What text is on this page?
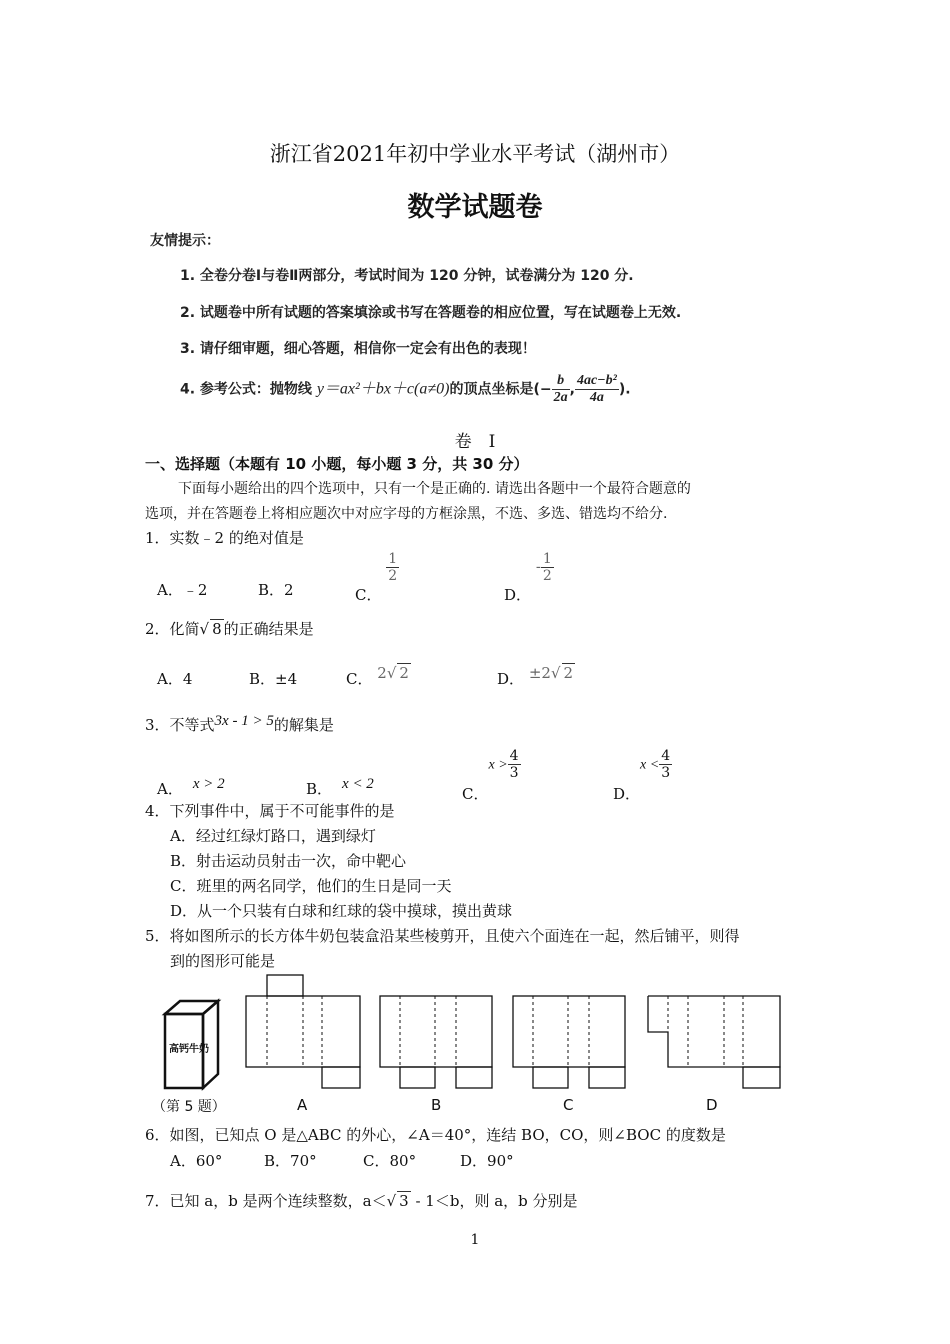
浙江省2021年初中学业水平考试（湖州市）
数学试题卷
友情提示：
1. 全卷分卷Ⅰ与卷Ⅱ两部分，考试时间为 120 分钟，试卷满分为 120 分.
2. 试题卷中所有试题的答案填涂或书写在答题卷的相应位置，写在试题卷上无效.
3. 请仔细审题，细心答题，相信你一定会有出色的表现！
4. 参考公式：抛物线 y＝ax²＋bx＋c(a≠0)的顶点坐标是(− $\frac{b}{2a}$ , $\frac{\text{4ac−b²}}{4a}$ ).
卷　I
一、选择题（本题有 10 小题，每小题 3 分，共 30 分）
下面每小题给出的四个选项中，只有一个是正确的. 请选出各题中一个最符合题意的
选项，并在答题卷上将相应题次中对应字母的方框涂黑，不选、多选、错选均不给分.
1．实数﹣2 的绝对值是
A．﹣2	B．2	C．
$\frac{1}{2}$
D． - $\frac{1}{2}$
2．化简√ 8 的正确结果是
A．4	B．±4	C． 2√ 2	D． ±2√ 2
3．不等式3x - 1 > 5的解集是
A． x > 2	B． x < 2
C．$x > \frac{4}{3}$
D．$x < \frac{4}{3}$
4．下列事件中，属于不可能事件的是
A．经过红绿灯路口，遇到绿灯
B．射击运动员射击一次，命中靶心
C．班里的两名同学，他们的生日是同一天
D．从一个只装有白球和红球的袋中摸球，摸出黄球
5．将如图所示的长方体牛奶包装盒沿某些棱剪开，且使六个面连在一起，然后铺平，则得
到的图形可能是
高钙牛奶
（第 5 题）	A	B	C	D
6．如图，已知点 O 是△ABC 的外心，∠A＝40°，连结 BO，CO，则∠BOC 的度数是
A．60°	B．70°	C．80°	D．90°
7．已知 a，b 是两个连续整数，a＜√ 3 - 1＜b，则 a，b 分别是
1
